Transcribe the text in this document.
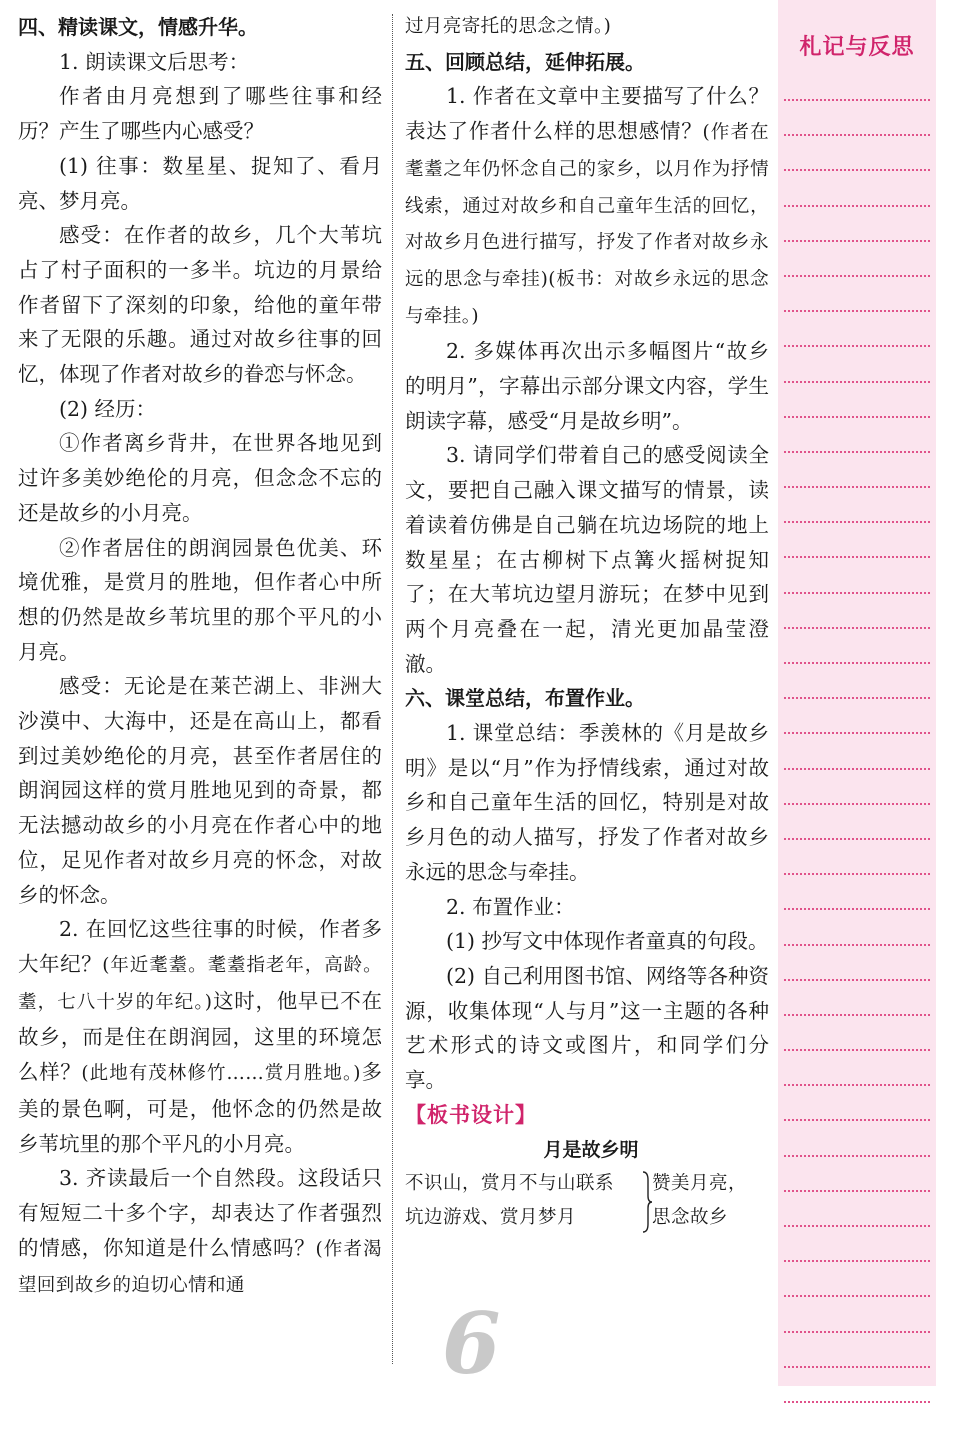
四、精读课文，情感升华。

1. 朗读课文后思考：

作者由月亮想到了哪些往事和经历？产生了哪些内心感受？

(1) 往事：数星星、捉知了、看月亮、梦月亮。

感受：在作者的故乡，几个大苇坑占了村子面积的一多半。坑边的月景给作者留下了深刻的印象，给他的童年带来了无限的乐趣。通过对故乡往事的回忆，体现了作者对故乡的眷恋与怀念。

(2) 经历：

①作者离乡背井，在世界各地见到过许多美妙绝伦的月亮，但念念不忘的还是故乡的小月亮。

②作者居住的朗润园景色优美、环境优雅，是赏月的胜地，但作者心中所想的仍然是故乡苇坑里的那个平凡的小月亮。

感受：无论是在莱芒湖上、非洲大沙漠中、大海中，还是在高山上，都看到过美妙绝伦的月亮，甚至作者居住的朗润园这样的赏月胜地见到的奇景，都无法撼动故乡的小月亮在作者心中的地位，足见作者对故乡月亮的怀念，对故乡的怀念。

2. 在回忆这些往事的时候，作者多大年纪？(年近耄耋。耄耋指老年，高龄。耋，七八十岁的年纪。)这时，他早已不在故乡，而是住在朗润园，这里的环境怎么样？(此地有茂林修竹……赏月胜地。)多美的景色啊，可是，他怀念的仍然是故乡苇坑里的那个平凡的小月亮。

3. 齐读最后一个自然段。这段话只有短短二十多个字，却表达了作者强烈的情感，你知道是什么情感吗？(作者渴望回到故乡的迫切心情和通

过月亮寄托的思念之情。)

五、回顾总结，延伸拓展。

1. 作者在文章中主要描写了什么？表达了作者什么样的思想感情？(作者在耄耋之年仍怀念自己的家乡，以月作为抒情线索，通过对故乡和自己童年生活的回忆，对故乡月色进行描写，抒发了作者对故乡永远的思念与牵挂)(板书：对故乡永远的思念与牵挂。)

2. 多媒体再次出示多幅图片“故乡的明月”，字幕出示部分课文内容，学生朗读字幕，感受“月是故乡明”。

3. 请同学们带着自己的感受阅读全文，要把自己融入课文描写的情景，读着读着仿佛是自己躺在坑边场院的地上数星星；在古柳树下点篝火摇树捉知了；在大苇坑边望月游玩；在梦中见到两个月亮叠在一起，清光更加晶莹澄澈。

六、课堂总结，布置作业。

1. 课堂总结：季羡林的《月是故乡明》是以“月”作为抒情线索，通过对故乡和自己童年生活的回忆，特别是对故乡月色的动人描写，抒发了作者对故乡永远的思念与牵挂。

2. 布置作业：

(1) 抄写文中体现作者童真的句段。

(2) 自己利用图书馆、网络等各种资源，收集体现“人与月”这一主题的各种艺术形式的诗文或图片，和同学们分享。

【板书设计】

月是故乡明

不识山，赏月不与山联系
坑边游戏、赏月梦月
赞美月亮，
思念故乡
6
札记与反思
